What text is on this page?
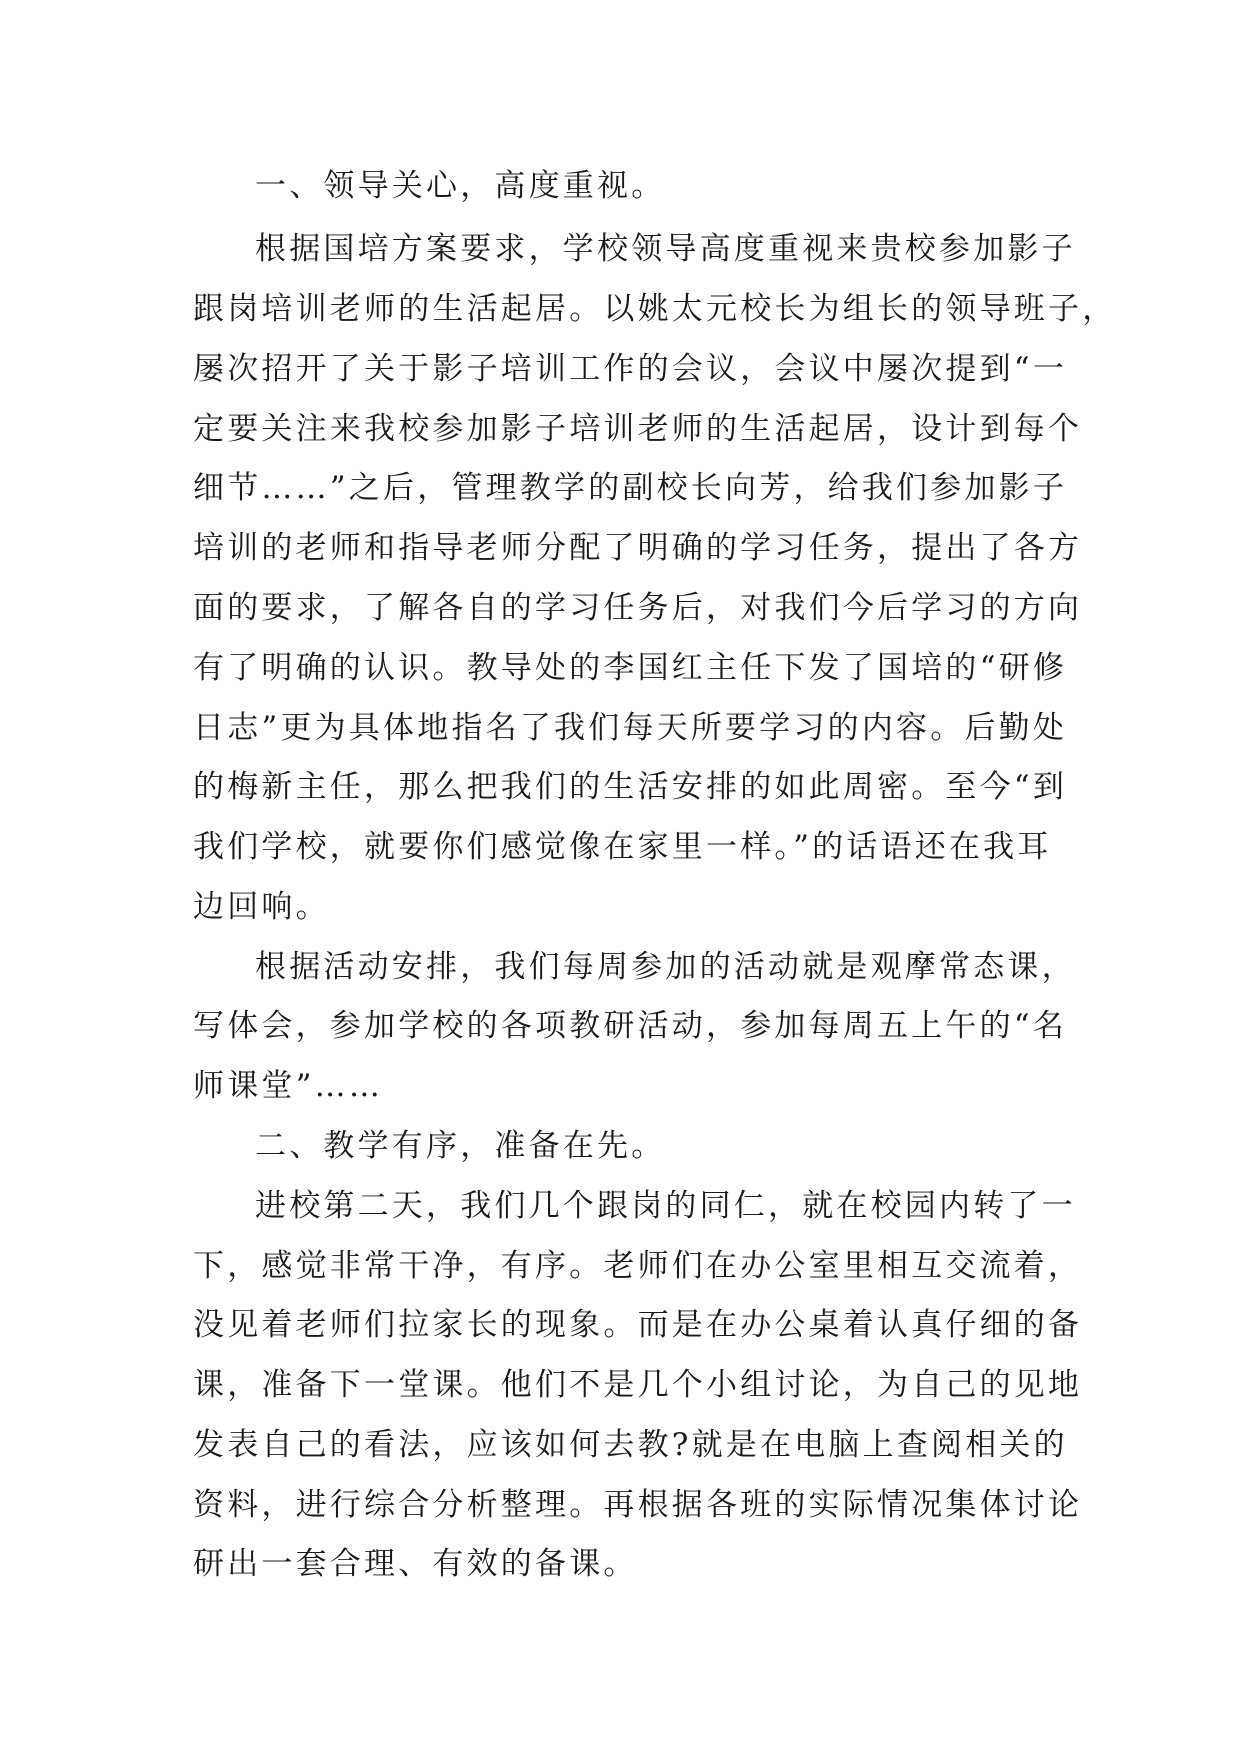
一、领导关心，高度重视。
根据国培方案要求，学校领导高度重视来贵校参加影子
跟岗培训老师的生活起居。以姚太元校长为组长的领导班子，
屡次招开了关于影子培训工作的会议，会议中屡次提到“一
定要关注来我校参加影子培训老师的生活起居，设计到每个
细节……”之后，管理教学的副校长向芳，给我们参加影子
培训的老师和指导老师分配了明确的学习任务，提出了各方
面的要求，了解各自的学习任务后，对我们今后学习的方向
有了明确的认识。教导处的李国红主任下发了国培的“研修
日志”更为具体地指名了我们每天所要学习的内容。后勤处
的梅新主任，那么把我们的生活安排的如此周密。至今“到
我们学校，就要你们感觉像在家里一样。”的话语还在我耳
边回响。
根据活动安排，我们每周参加的活动就是观摩常态课，
写体会，参加学校的各项教研活动，参加每周五上午的“名
师课堂”……
二、教学有序，准备在先。
进校第二天，我们几个跟岗的同仁，就在校园内转了一
下，感觉非常干净，有序。老师们在办公室里相互交流着，
没见着老师们拉家长的现象。而是在办公桌着认真仔细的备
课，准备下一堂课。他们不是几个小组讨论，为自己的见地
发表自己的看法，应该如何去教?就是在电脑上查阅相关的
资料，进行综合分析整理。再根据各班的实际情况集体讨论
研出一套合理、有效的备课。
